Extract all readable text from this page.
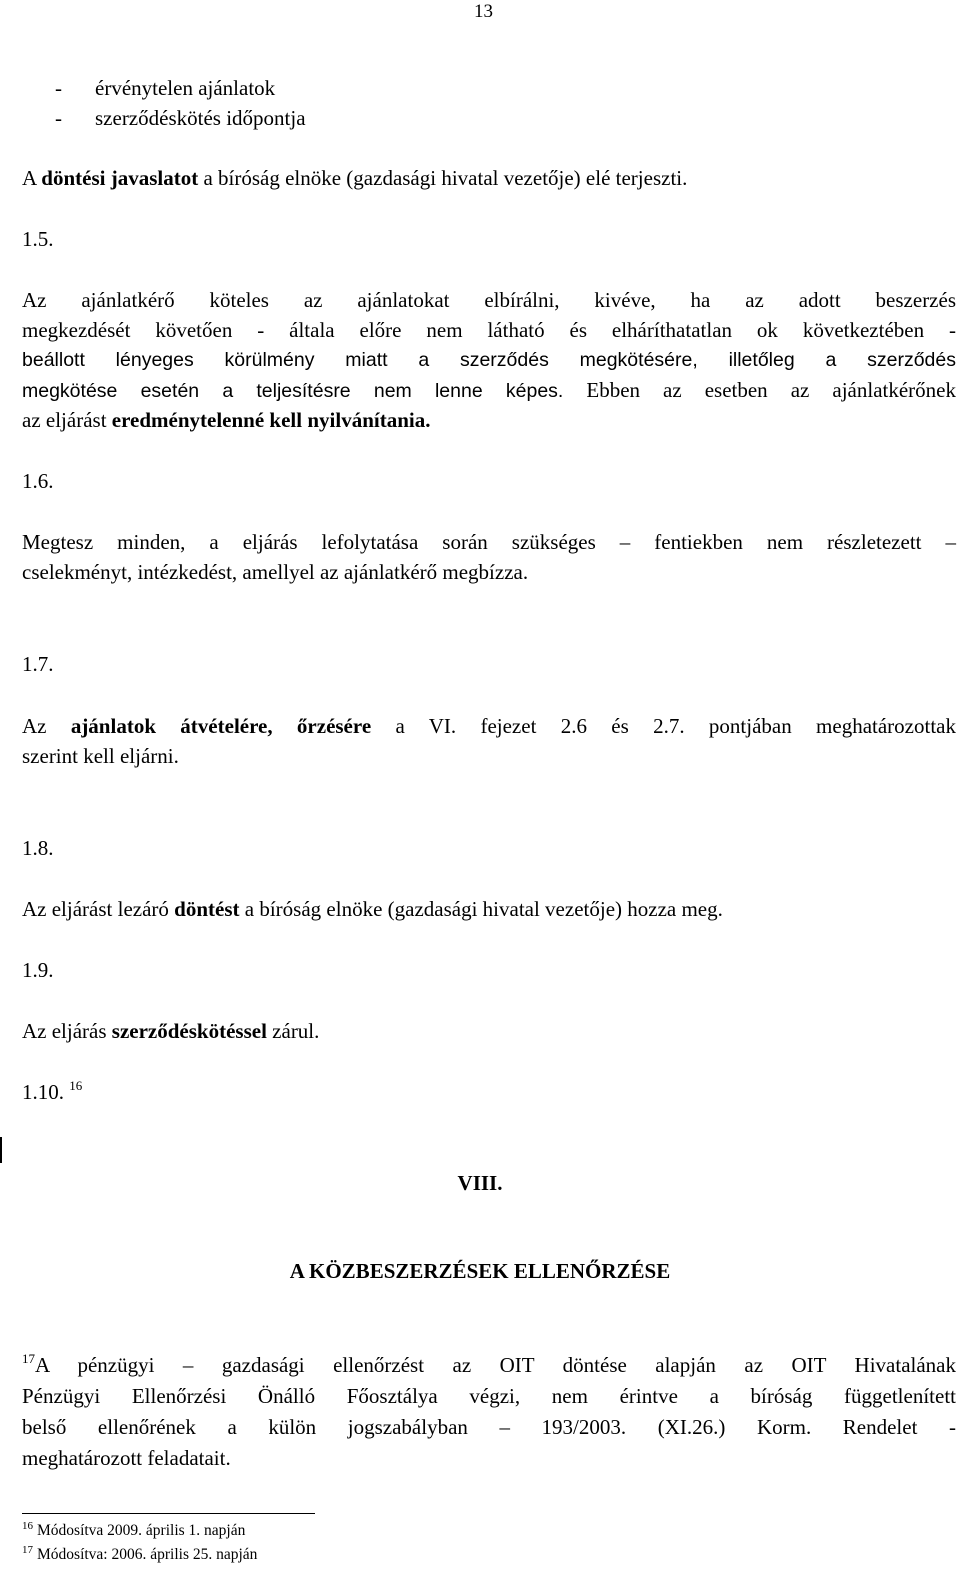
13
- érvénytelen ajánlatok
- szerződéskötés időpontja
A döntési javaslatot a bíróság elnöke (gazdasági hivatal vezetője) elé terjeszti.
1.5.
Az ajánlatkérő köteles az ajánlatokat elbírálni, kivéve, ha az adott beszerzés
megkezdését követően - általa előre nem látható és elháríthatatlan ok következtében -
beállott lényeges körülmény miatt a szerződés megkötésére, illetőleg a szerződés
megkötése esetén a teljesítésre nem lenne képes. Ebben az esetben az ajánlatkérőnek
az eljárást eredménytelenné kell nyilvánítania.
1.6.
Megtesz minden, a eljárás lefolytatása során szükséges – fentiekben nem részletezett –
cselekményt, intézkedést, amellyel az ajánlatkérő megbízza.
1.7.
Az ajánlatok átvételére, őrzésére a VI. fejezet 2.6 és 2.7. pontjában meghatározottak
szerint kell eljárni.
1.8.
Az eljárást lezáró döntést a bíróság elnöke (gazdasági hivatal vezetője) hozza meg.
1.9.
Az eljárás szerződéskötéssel zárul.
1.10. $^{16}$
VIII.
A KÖZBESZERZÉSEK ELLENŐRZÉSE
$^{17}$A pénzügyi – gazdasági ellenőrzést az OIT döntése alapján az OIT Hivatalának
Pénzügyi Ellenőrzési Önálló Főosztálya végzi, nem érintve a bíróság függetlenített
belső ellenőrének a külön jogszabályban – 193/2003. (XI.26.) Korm. Rendelet -
meghatározott feladatait.
$^{16}$ Módosítva 2009. április 1. napján
$^{17}$ Módosítva: 2006. április 25. napján
